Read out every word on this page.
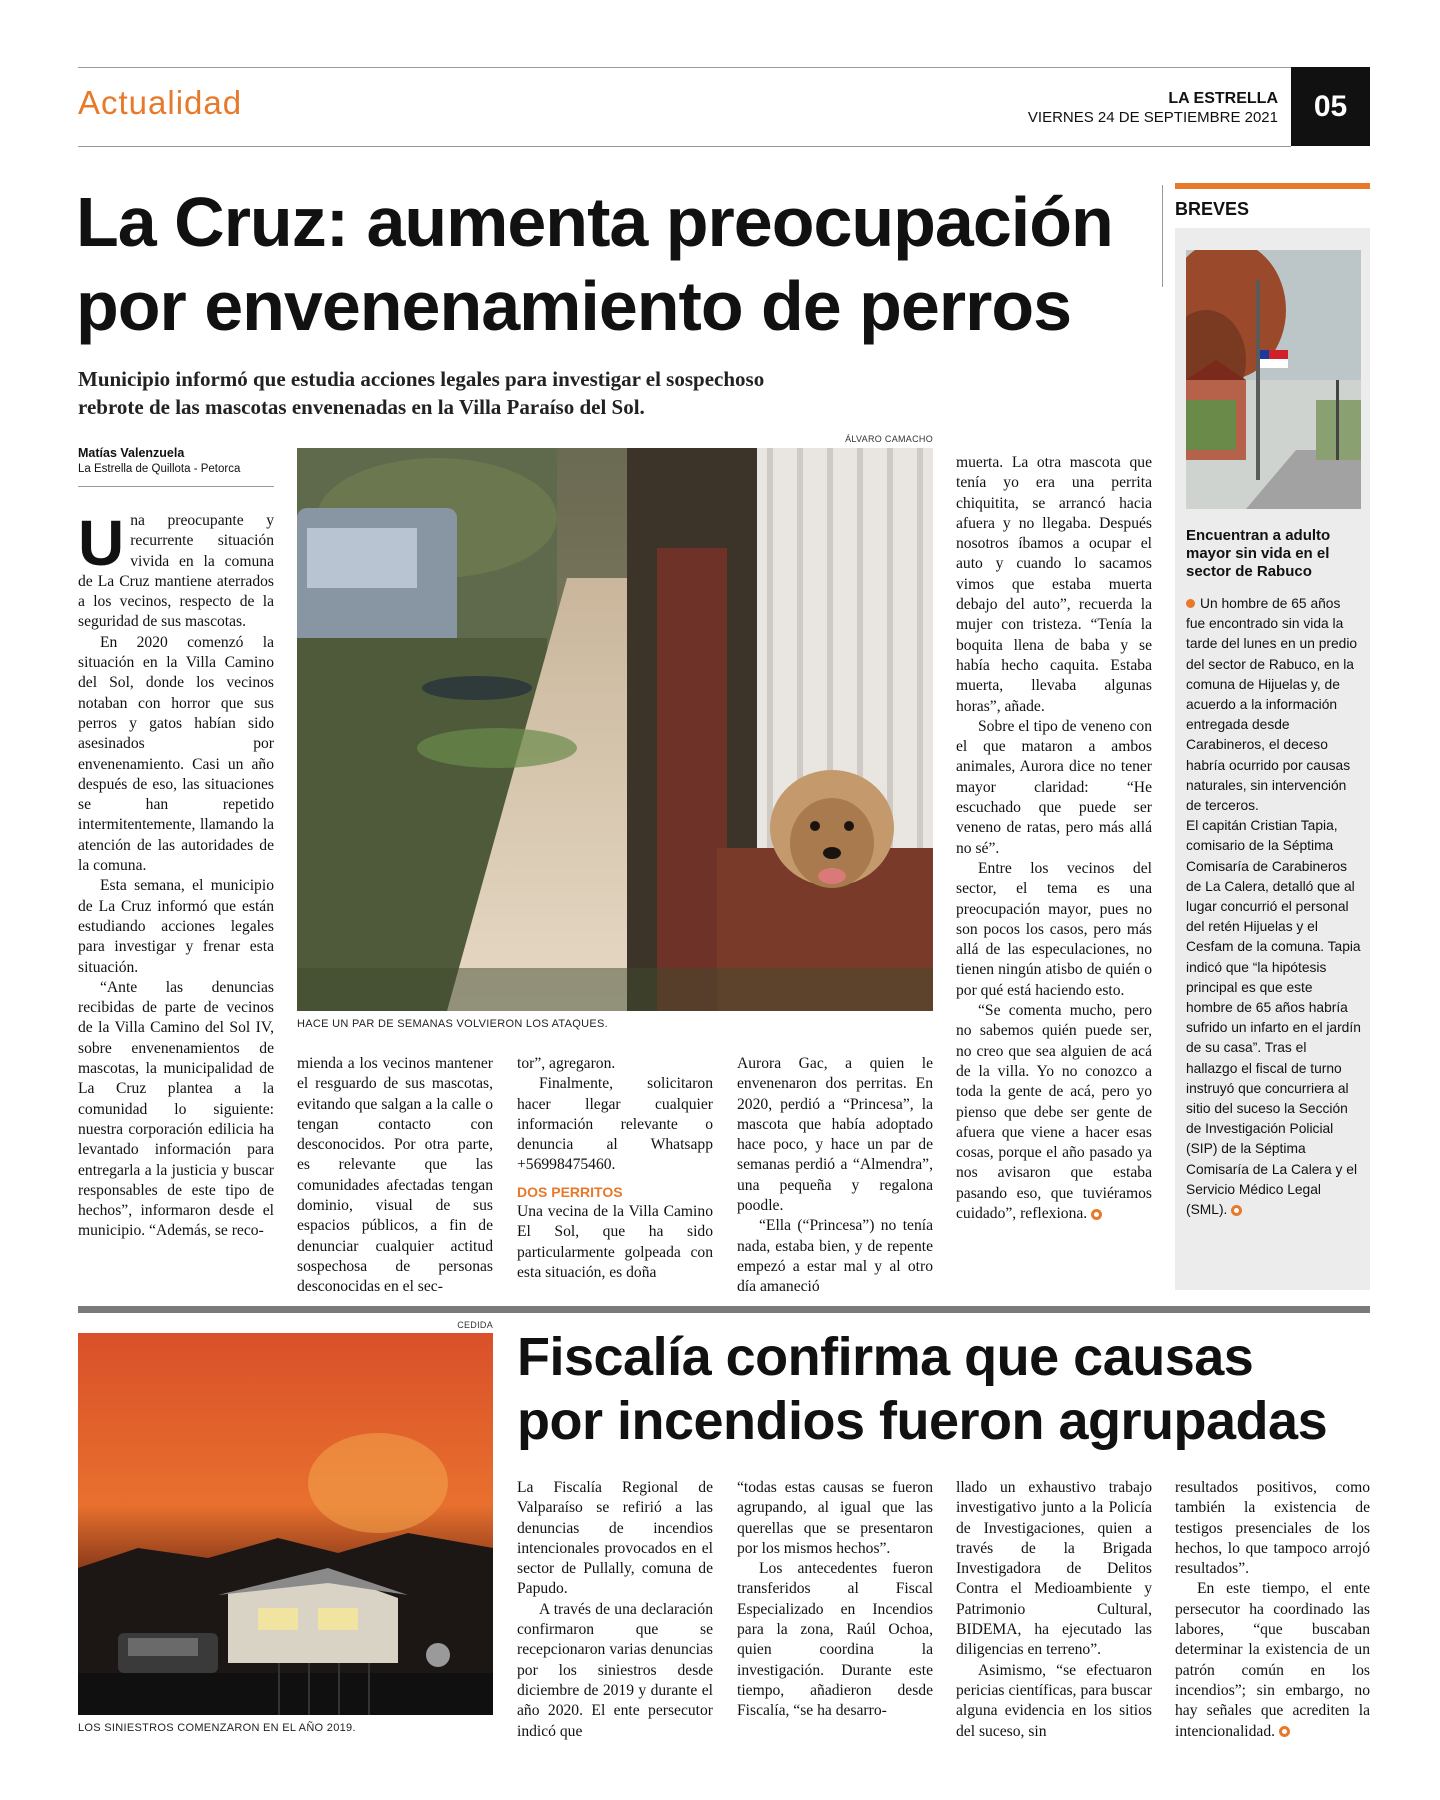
Actualidad	LA ESTRELLA
VIERNES 24 DE SEPTIEMBRE 2021 05
La Cruz: aumenta preocupación
por envenenamiento de perros
Municipio informó que estudia acciones legales para investigar el sospechoso
rebrote de las mascotas envenenadas en la Villa Paraíso del Sol.
Matías Valenzuela
La Estrella de Quillota - Petorca
ÁLVARO CAMACHO
HACE UN PAR DE SEMANAS VOLVIERON LOS ATAQUES.

Una preocupante y recurrente situación vivida en la comuna de La Cruz mantiene aterrados a los vecinos, respecto de la seguridad de sus mascotas.

En 2020 comenzó la situación en la Villa Camino del Sol, donde los vecinos notaban con horror que sus perros y gatos habían sido asesinados por envenenamiento. Casi un año después de eso, las situaciones se han repetido intermitentemente, llamando la atención de las autoridades de la comuna.

Esta semana, el municipio de La Cruz informó que están estudiando acciones legales para investigar y frenar esta situación.

“Ante las denuncias recibidas de parte de vecinos de la Villa Camino del Sol IV, sobre envenenamientos de mascotas, la municipalidad de La Cruz plantea a la comunidad lo siguiente: nuestra corporación edilicia ha levantado información para entregarla a la justicia y buscar responsables de este tipo de hechos”, informaron desde el municipio. “Además, se reco-

mienda a los vecinos mantener el resguardo de sus mascotas, evitando que salgan a la calle o tengan contacto con desconocidos. Por otra parte, es relevante que las comunidades afectadas tengan dominio, visual de sus espacios públicos, a fin de denunciar cualquier actitud sospechosa de personas desconocidas en el sec-

tor”, agregaron.

Finalmente, solicitaron hacer llegar cualquier información relevante o denuncia al Whatsapp +56998475460.

DOS PERRITOS

Una vecina de la Villa Camino El Sol, que ha sido particularmente golpeada con esta situación, es doña

Aurora Gac, a quien le envenenaron dos perritas. En 2020, perdió a “Princesa”, la mascota que había adoptado hace poco, y hace un par de semanas perdió a “Almendra”, una pequeña y regalona poodle.

“Ella (“Princesa”) no tenía nada, estaba bien, y de repente empezó a estar mal y al otro día amaneció

muerta. La otra mascota que tenía yo era una perrita chiquitita, se arrancó hacia afuera y no llegaba. Después nosotros íbamos a ocupar el auto y cuando lo sacamos vimos que estaba muerta debajo del auto”, recuerda la mujer con tristeza. “Tenía la boquita llena de baba y se había hecho caquita. Estaba muerta, llevaba algunas horas”, añade.

Sobre el tipo de veneno con el que mataron a ambos animales, Aurora dice no tener mayor claridad: “He escuchado que puede ser veneno de ratas, pero más allá no sé”.

Entre los vecinos del sector, el tema es una preocupación mayor, pues no son pocos los casos, pero más allá de las especulaciones, no tienen ningún atisbo de quién o por qué está haciendo esto.

“Se comenta mucho, pero no sabemos quién puede ser, no creo que sea alguien de acá de la villa. Yo no conozco a toda la gente de acá, pero yo pienso que debe ser gente de afuera que viene a hacer esas cosas, porque el año pasado ya nos avisaron que estaba pasando eso, que tuviéramos cuidado”, reflexiona.

BREVES
Encuentran a adulto mayor sin vida en el sector de Rabuco
Un hombre de 65 años fue encontrado sin vida la tarde del lunes en un predio del sector de Rabuco, en la comuna de Hijuelas y, de acuerdo a la información entregada desde Carabineros, el deceso habría ocurrido por causas naturales, sin intervención de terceros.
El capitán Cristian Tapia, comisario de la Séptima Comisaría de Carabineros de La Calera, detalló que al lugar concurrió el personal del retén Hijuelas y el Cesfam de la comuna. Tapia indicó que “la hipótesis principal es que este hombre de 65 años habría sufrido un infarto en el jardín de su casa”. Tras el hallazgo el fiscal de turno instruyó que concurriera al sitio del suceso la Sección de Investigación Policial (SIP) de la Séptima Comisaría de La Calera y el Servicio Médico Legal (SML).
CEDIDA
LOS SINIESTROS COMENZARON EN EL AÑO 2019.
Fiscalía confirma que causas
por incendios fueron agrupadas

La Fiscalía Regional de Valparaíso se refirió a las denuncias de incendios intencionales provocados en el sector de Pullally, comuna de Papudo.

A través de una declaración confirmaron que se recepcionaron varias denuncias por los siniestros desde diciembre de 2019 y durante el año 2020. El ente persecutor indicó que

“todas estas causas se fueron agrupando, al igual que las querellas que se presentaron por los mismos hechos”.

Los antecedentes fueron transferidos al Fiscal Especializado en Incendios para la zona, Raúl Ochoa, quien coordina la investigación. Durante este tiempo, añadieron desde Fiscalía, “se ha desarro-

llado un exhaustivo trabajo investigativo junto a la Policía de Investigaciones, quien a través de la Brigada Investigadora de Delitos Contra el Medioambiente y Patrimonio Cultural, BIDEMA, ha ejecutado las diligencias en terreno”.

Asimismo, “se efectuaron pericias científicas, para buscar alguna evidencia en los sitios del suceso, sin

resultados positivos, como también la existencia de testigos presenciales de los hechos, lo que tampoco arrojó resultados”.

En este tiempo, el ente persecutor ha coordinado las labores, “que buscaban determinar la existencia de un patrón común en los incendios”; sin embargo, no hay señales que acrediten la intencionalidad.
